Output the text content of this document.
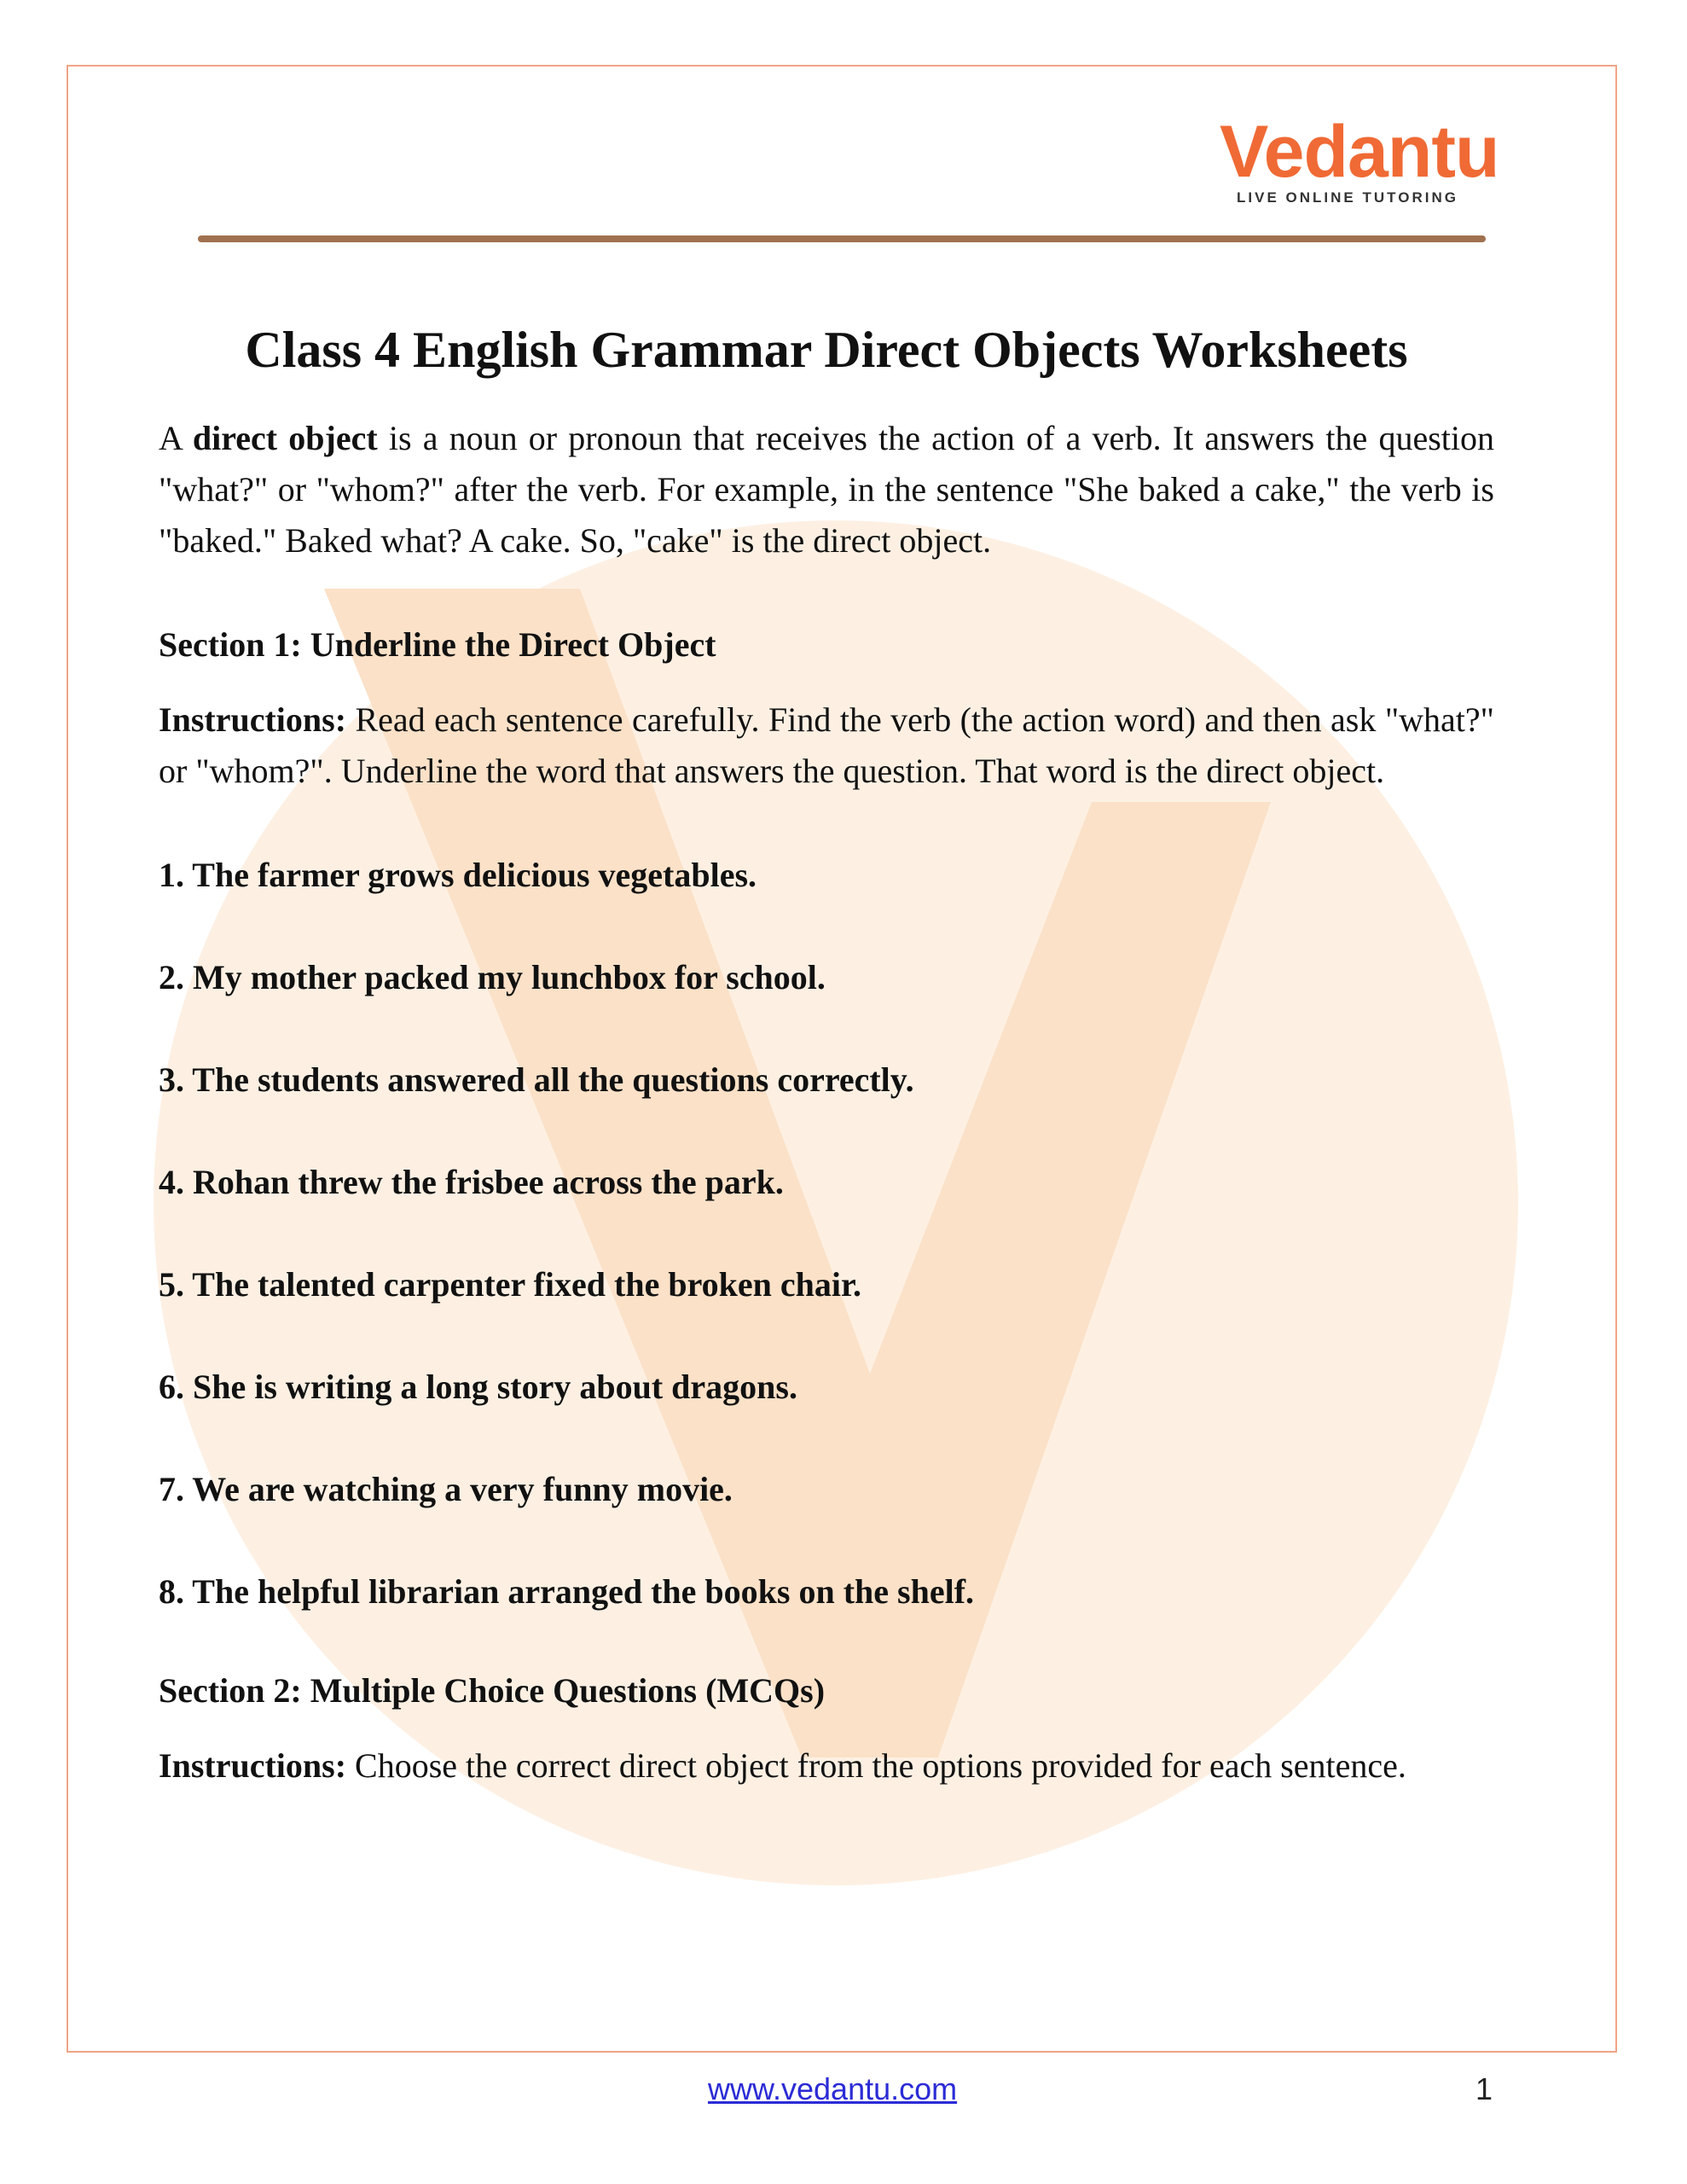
Vedantu
LIVE ONLINE TUTORING
Class 4 English Grammar Direct Objects Worksheets

A direct object is a noun or pronoun that receives the action of a verb. It answers the question "what?" or "whom?" after the verb. For example, in the sentence "She baked a cake," the verb is "baked." Baked what? A cake. So, "cake" is the direct object.

Section 1: Underline the Direct Object

Instructions: Read each sentence carefully. Find the verb (the action word) and then ask "what?" or "whom?". Underline the word that answers the question. That word is the direct object.

1. The farmer grows delicious vegetables.
2. My mother packed my lunchbox for school.
3. The students answered all the questions correctly.
4. Rohan threw the frisbee across the park.
5. The talented carpenter fixed the broken chair.
6. She is writing a long story about dragons.
7. We are watching a very funny movie.
8. The helpful librarian arranged the books on the shelf.
Section 2: Multiple Choice Questions (MCQs)

Instructions: Choose the correct direct object from the options provided for each sentence.

www.vedantu.com	1
